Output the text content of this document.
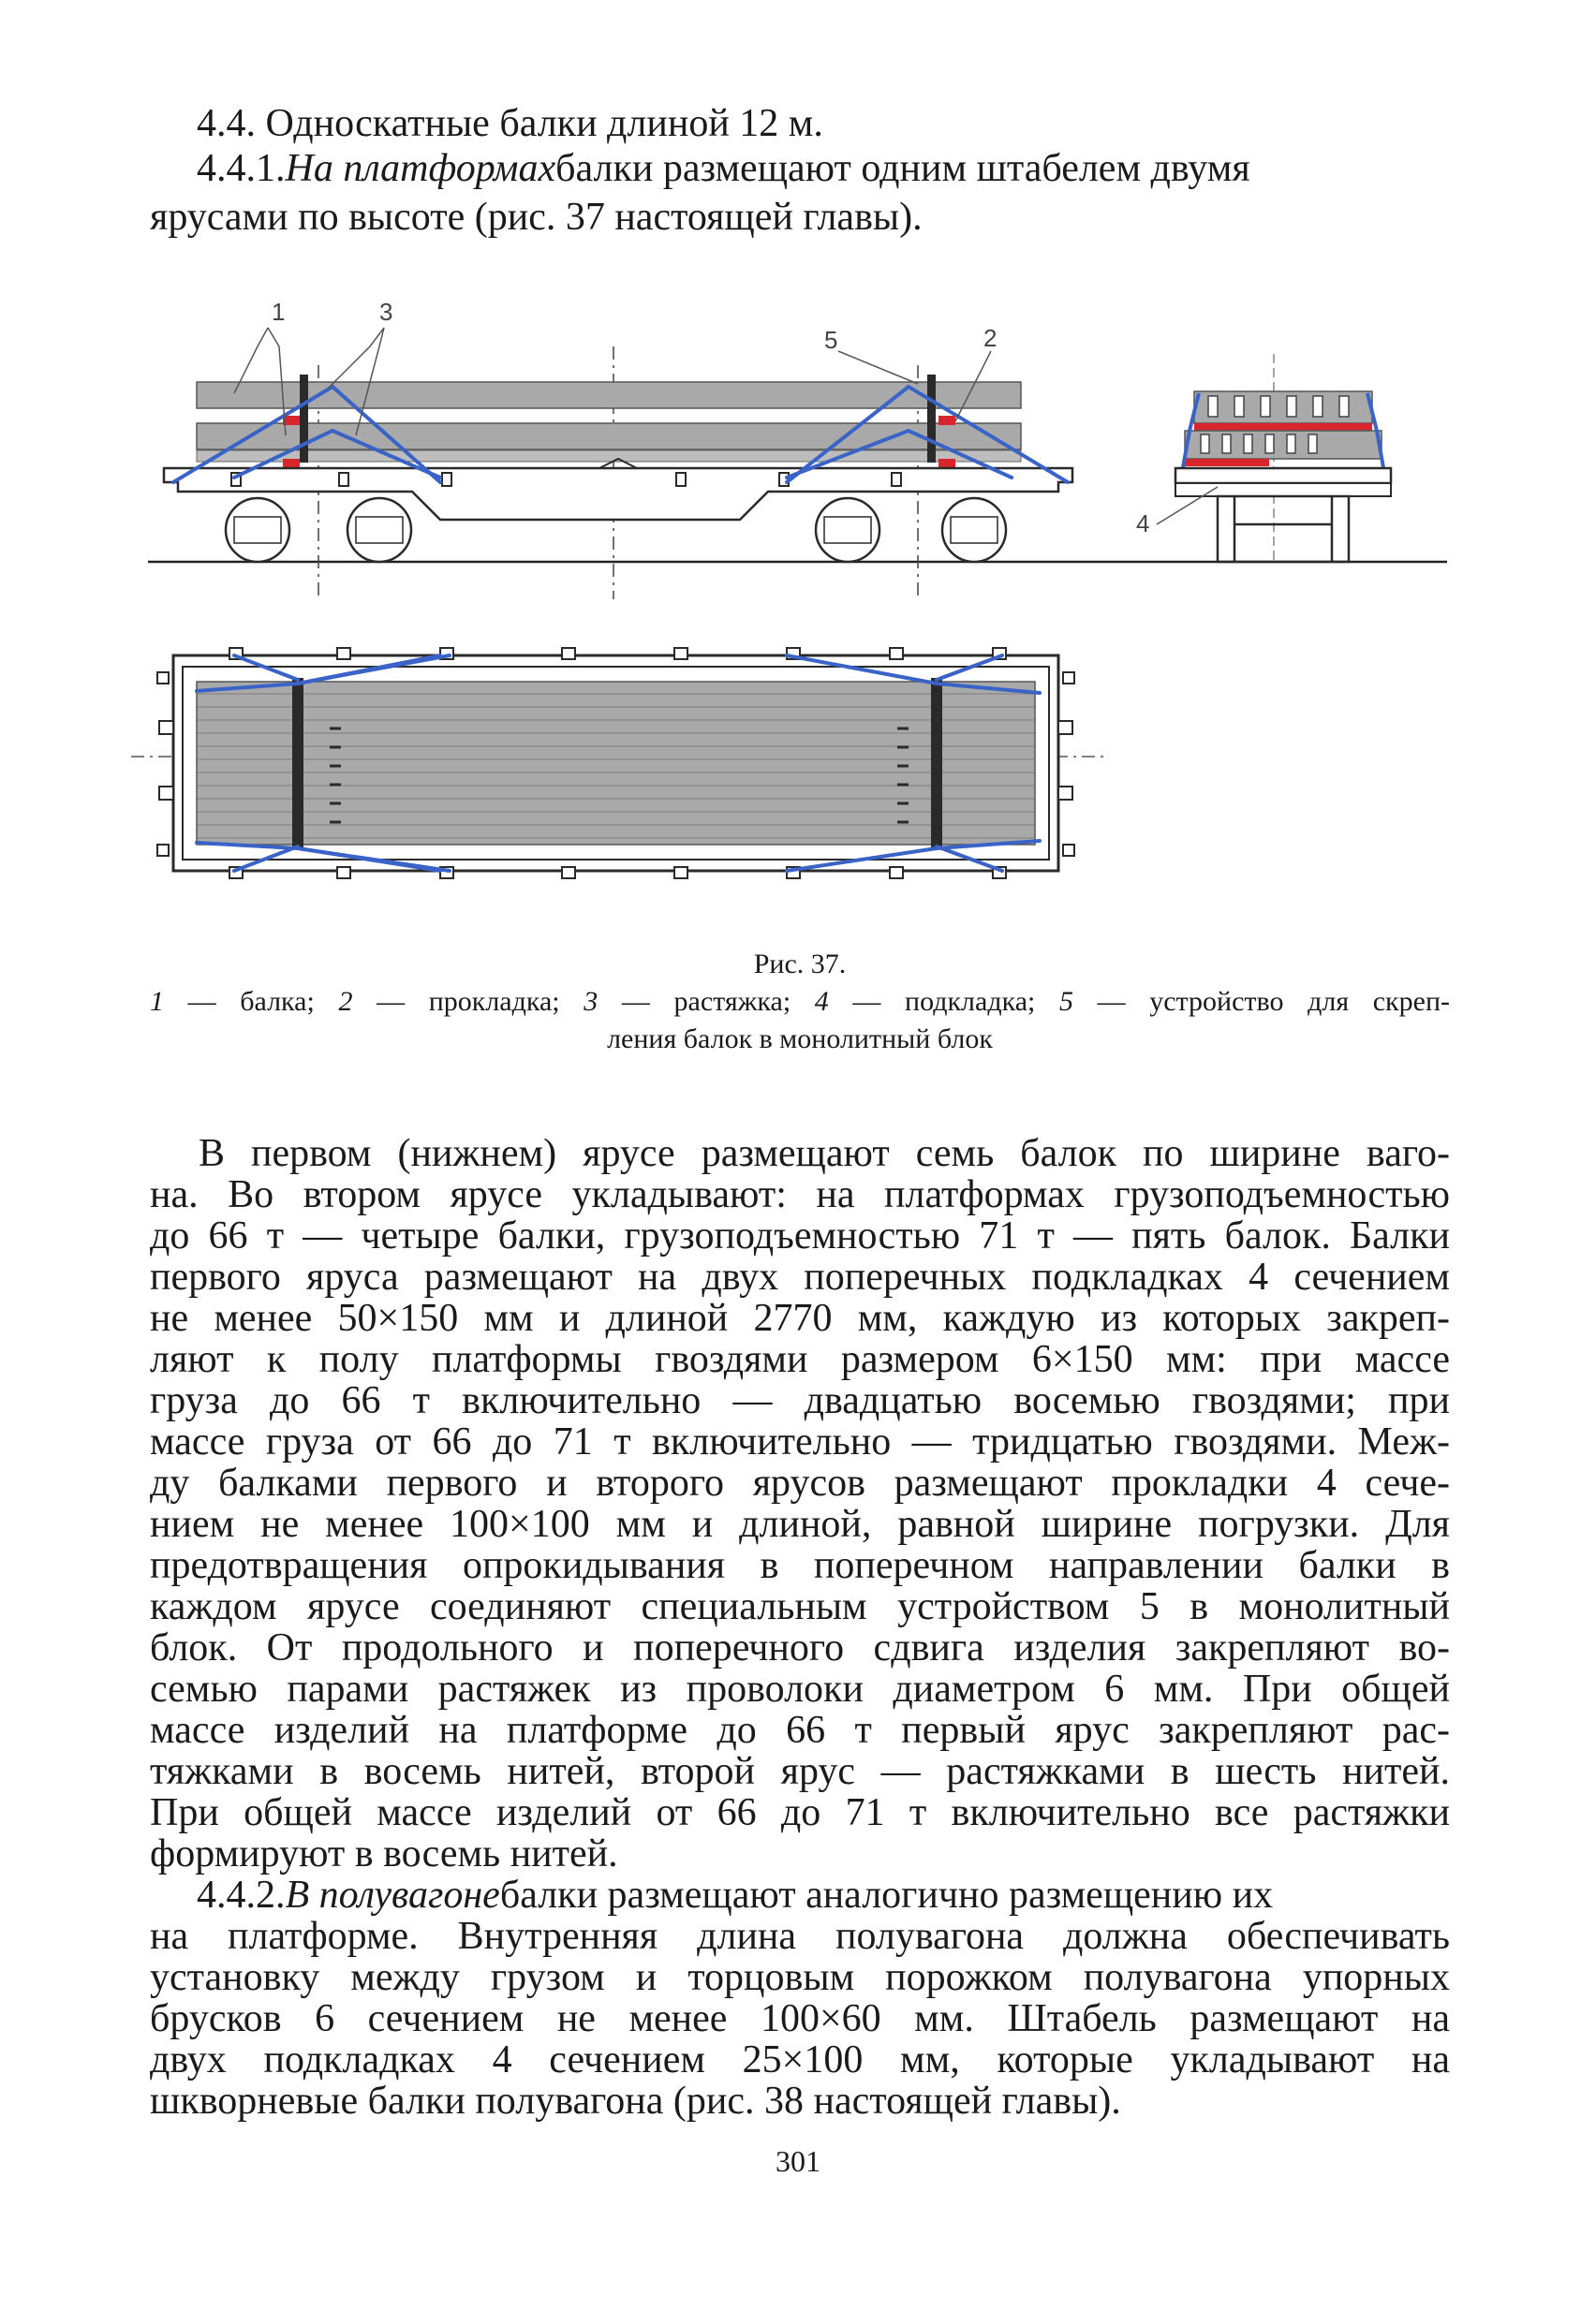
4.4. Односкатные балки длиной 12 м.
4.4.1.На платформахбалки размещают одним штабелем двумя
ярусами по высоте (рис. 37 настоящей главы).
1	3
5	2
4
Рис. 37.
1 — балка; 2 — прокладка; 3 — растяжка; 4 — подкладка; 5 — устройство для скреп-
ления балок в монолитный блок
В первом (нижнем) ярусе размещают семь балок по ширине ваго-
на. Во втором ярусе укладывают: на платформах грузоподъемностью
до 66 т — четыре балки, грузоподъемностью 71 т — пять балок. Балки
первого яруса размещают на двух поперечных подкладках 4 сечением
не менее 50×150 мм и длиной 2770 мм, каждую из которых закреп-
ляют к полу платформы гвоздями размером 6×150 мм: при массе
груза до 66 т включительно — двадцатью восемью гвоздями; при
массе груза от 66 до 71 т включительно — тридцатью гвоздями. Меж-
ду балками первого и второго ярусов размещают прокладки 4 сече-
нием не менее 100×100 мм и длиной, равной ширине погрузки. Для
предотвращения опрокидывания в поперечном направлении балки в
каждом ярусе соединяют специальным устройством 5 в монолитный
блок. От продольного и поперечного сдвига изделия закрепляют во-
семью парами растяжек из проволоки диаметром 6 мм. При общей
массе изделий на платформе до 66 т первый ярус закрепляют рас-
тяжками в восемь нитей, второй ярус — растяжками в шесть нитей.
При общей массе изделий от 66 до 71 т включительно все растяжки
формируют в восемь нитей.
4.4.2.В полувагонебалки размещают аналогично размещению их
на платформе. Внутренняя длина полувагона должна обеспечивать
установку между грузом и торцовым порожком полувагона упорных
брусков 6 сечением не менее 100×60 мм. Штабель размещают на
двух подкладках 4 сечением 25×100 мм, которые укладывают на
шкворневые балки полувагона (рис. 38 настоящей главы).
301
